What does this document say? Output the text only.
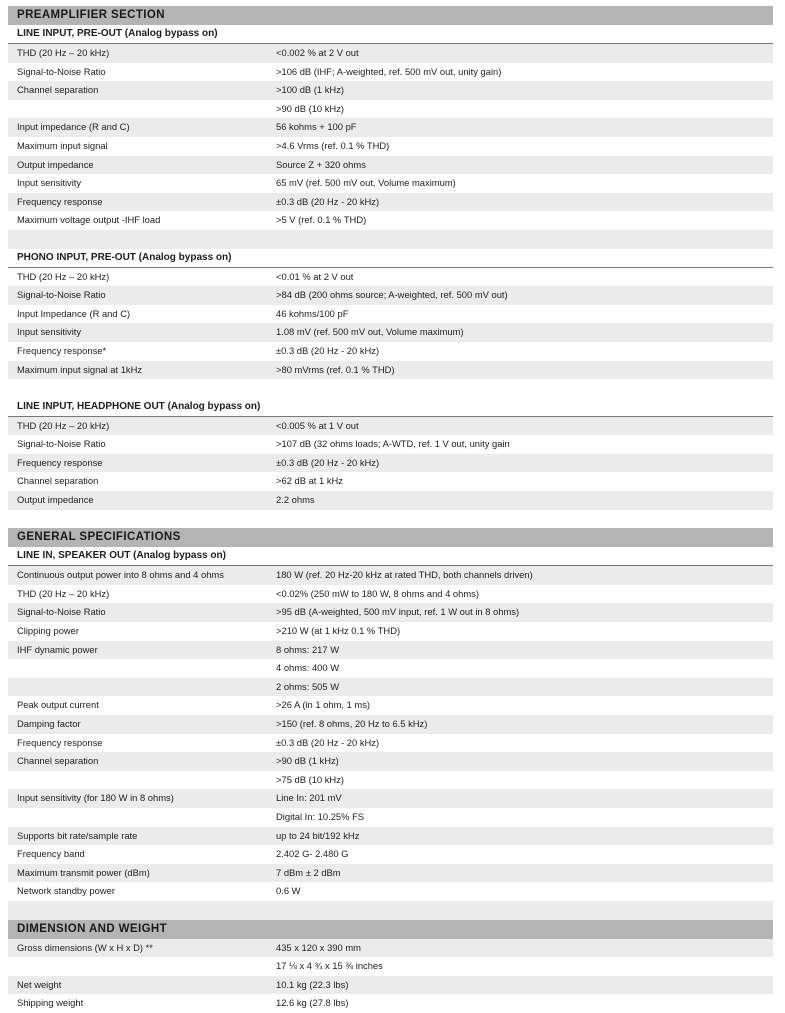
PREAMPLIFIER SECTION
LINE INPUT, PRE-OUT (Analog bypass on)
THD (20 Hz – 20 kHz)	<0.002 % at 2 V out
Signal-to-Noise Ratio	>106 dB (IHF; A-weighted, ref. 500 mV out, unity gain)
Channel separation	>100 dB (1 kHz)
>90 dB (10 kHz)
Input impedance (R and C)	56 kohms + 100 pF
Maximum input signal	>4.6 Vrms (ref. 0.1 % THD)
Output impedance	Source Z + 320 ohms
Input sensitivity	65 mV (ref. 500 mV out, Volume maximum)
Frequency response	±0.3 dB (20 Hz - 20 kHz)
Maximum voltage output -IHF load	>5 V (ref. 0.1 % THD)
PHONO INPUT, PRE-OUT (Analog bypass on)
THD (20 Hz – 20 kHz)	<0.01 % at 2 V out
Signal-to-Noise Ratio	>84 dB (200 ohms source; A-weighted, ref. 500 mV out)
Input Impedance (R and C)	46 kohms/100 pF
Input sensitivity	1.08 mV (ref. 500 mV out, Volume maximum)
Frequency response*	±0.3 dB (20 Hz - 20 kHz)
Maximum input signal at 1kHz	>80 mVrms (ref. 0.1 % THD)
LINE INPUT, HEADPHONE OUT (Analog bypass on)
THD (20 Hz – 20 kHz)	<0.005 % at 1 V out
Signal-to-Noise Ratio	>107 dB (32 ohms loads; A-WTD, ref. 1 V out, unity gain
Frequency response	±0.3 dB (20 Hz - 20 kHz)
Channel separation	>62 dB at 1 kHz
Output impedance	2.2 ohms
GENERAL SPECIFICATIONS
LINE IN, SPEAKER OUT (Analog bypass on)
Continuous output power into 8 ohms and 4 ohms	180 W (ref. 20 Hz-20 kHz at rated THD, both channels driven)
THD (20 Hz – 20 kHz)	<0.02% (250 mW to 180 W, 8 ohms and 4 ohms)
Signal-to-Noise Ratio	>95 dB (A-weighted, 500 mV input, ref. 1 W out in 8 ohms)
Clipping power	>210 W (at 1 kHz 0.1 % THD)
IHF dynamic power	8 ohms: 217 W
4 ohms: 400 W
2 ohms: 505 W
Peak output current	>26 A (in 1 ohm, 1 ms)
Damping factor	>150 (ref. 8 ohms, 20 Hz to 6.5 kHz)
Frequency response	±0.3 dB (20 Hz - 20 kHz)
Channel separation	>90 dB (1 kHz)
>75 dB (10 kHz)
Input sensitivity (for 180 W in 8 ohms)	Line In: 201 mV
Digital In: 10.25% FS
Supports bit rate/sample rate	up to 24 bit/192 kHz
Frequency band	2.402 G- 2.480 G
Maximum transmit power (dBm)	7 dBm ± 2 dBm
Network standby power	0.6 W
DIMENSION AND WEIGHT
Gross dimensions (W x H x D) **	435 x 120 x 390 mm
17 ⅛ x 4 ¾ x 15 ⅜ inches
Net weight	10.1 kg (22.3 lbs)
Shipping weight	12.6 kg (27.8 lbs)
